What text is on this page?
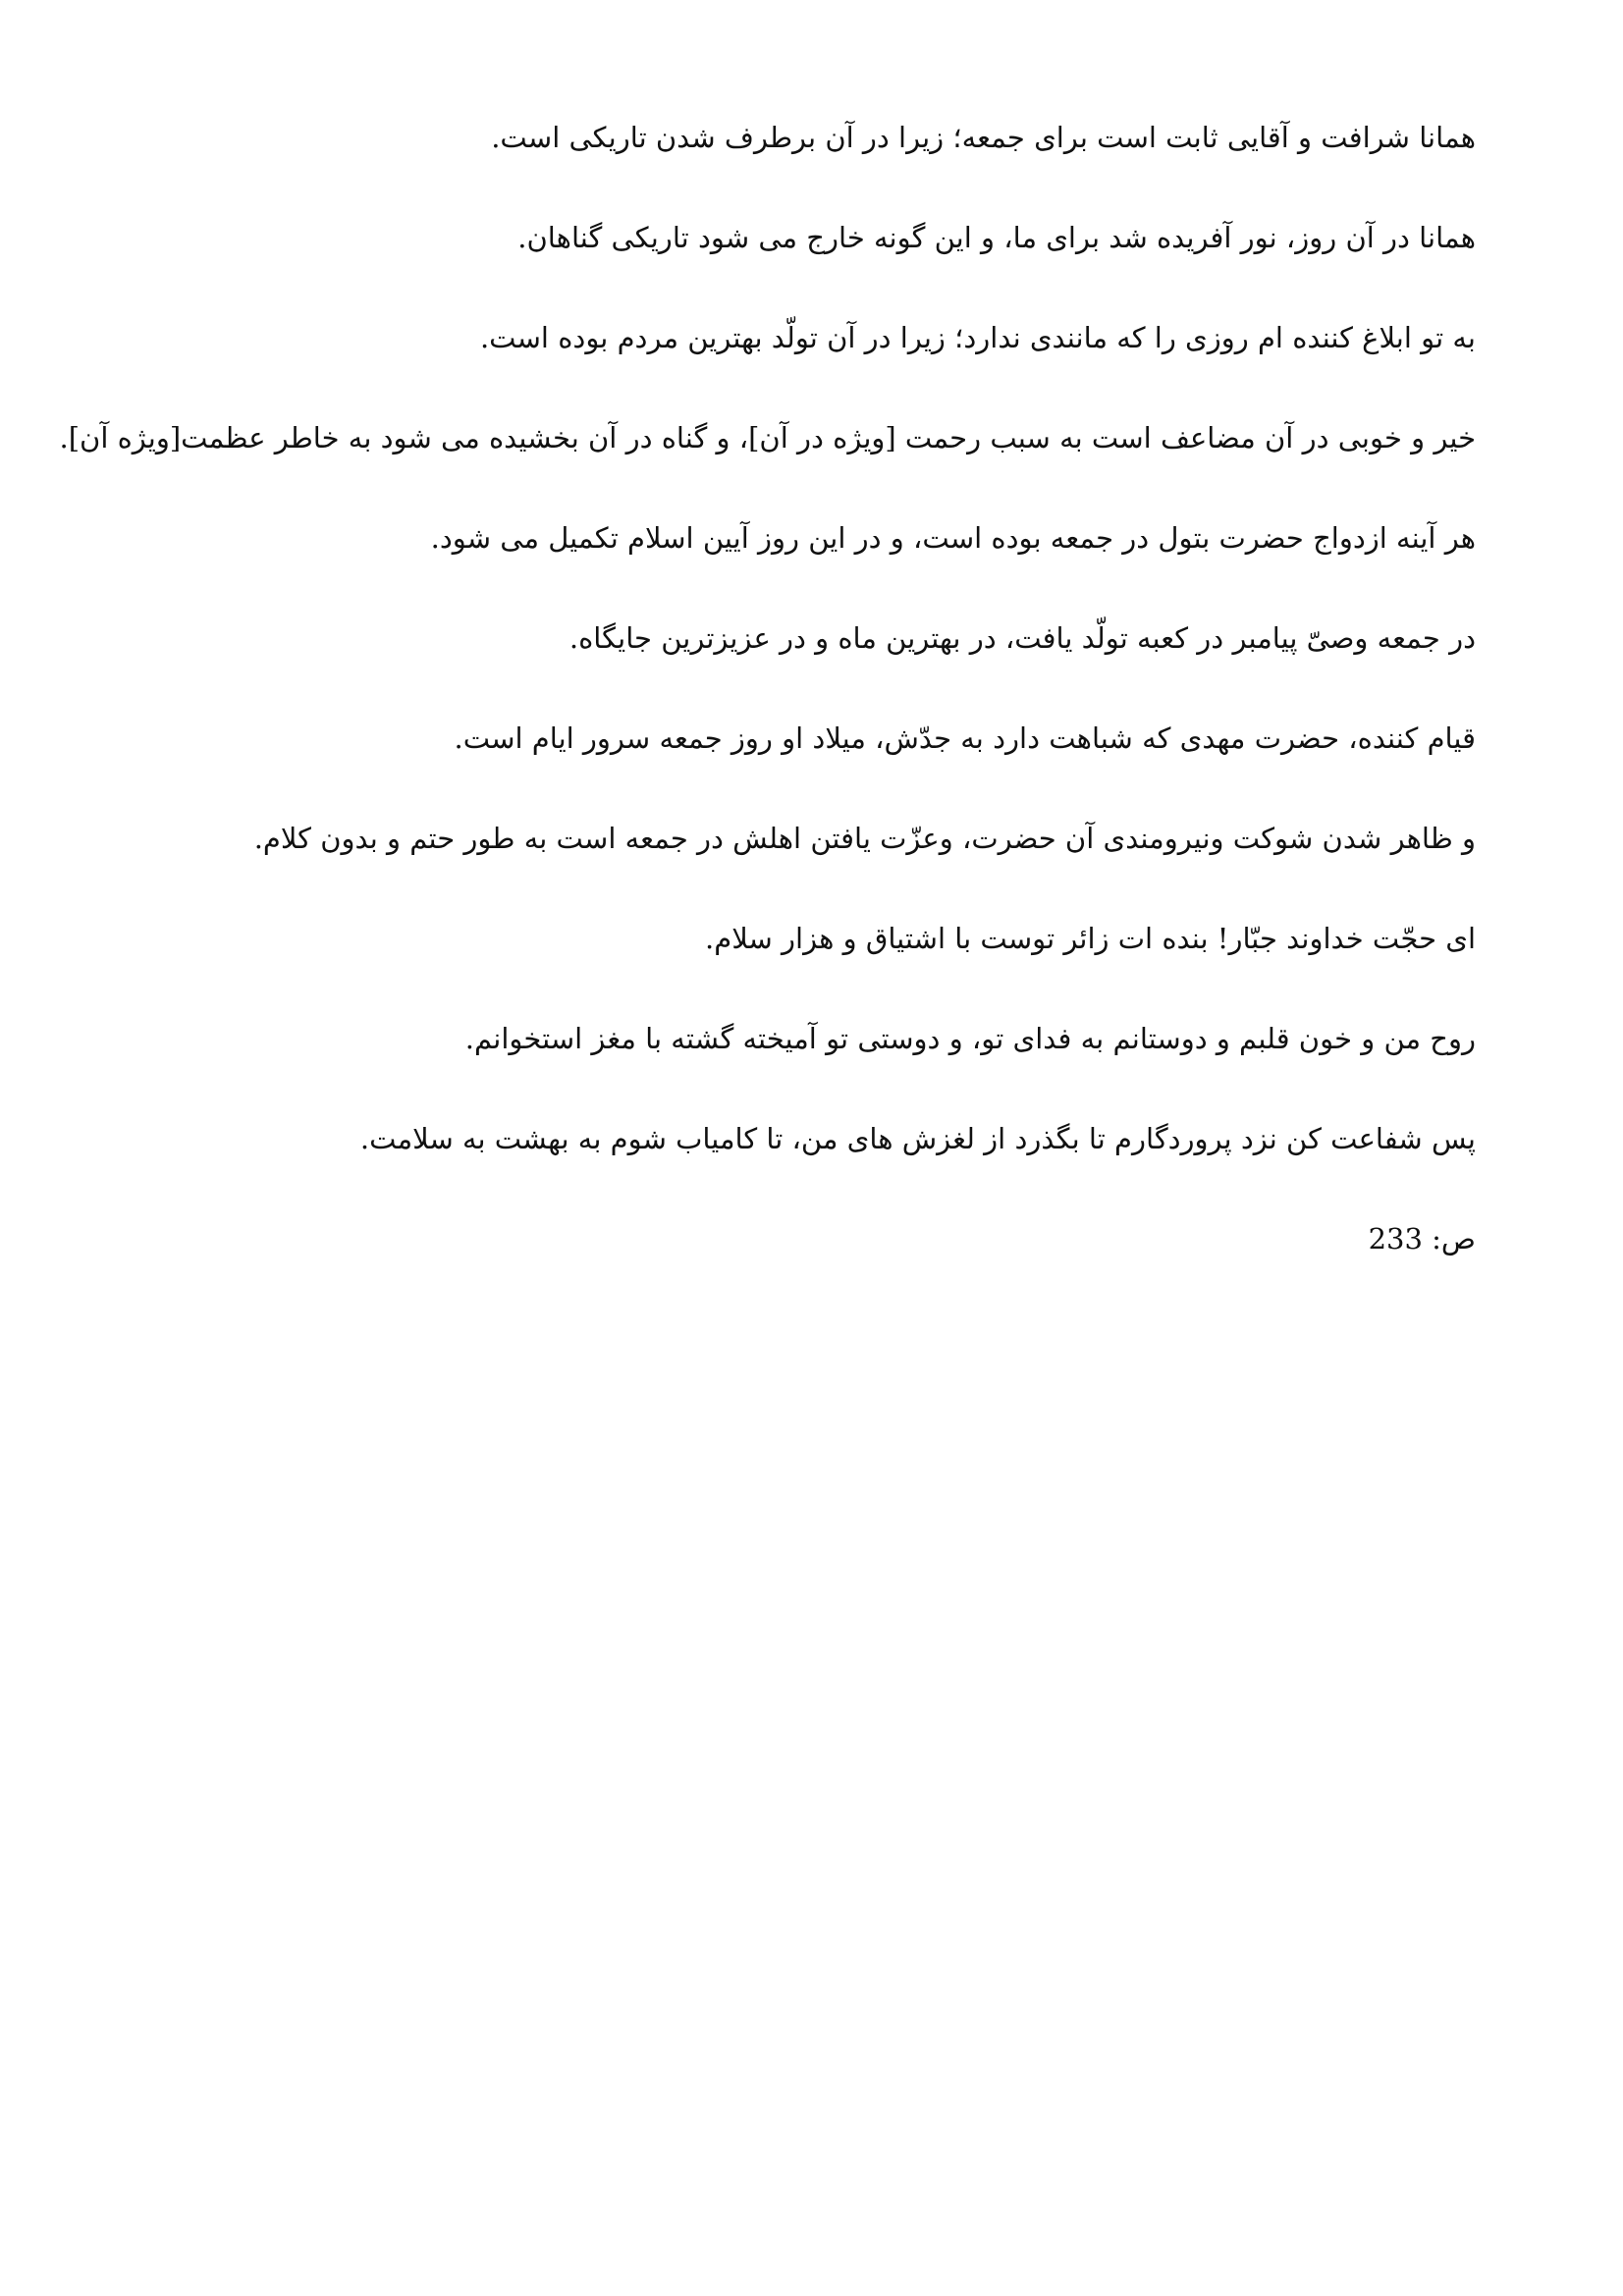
همانا شرافت و آقایی ثابت است برای جمعه؛ زیرا در آن برطرف شدن تاریکی است.
همانا در آن روز، نور آفریده شد برای ما، و این گونه خارج می شود تاریکی گناهان.
به تو ابلاغ کننده ام روزی را که مانندی ندارد؛ زیرا در آن تولّد بهترین مردم بوده است.
خیر و خوبی در آن مضاعف است به سبب رحمت [ویژه در آن]، و گناه در آن بخشیده می شود به خاطر عظمت[ویژه آن].
هر آینه ازدواج حضرت بتول در جمعه بوده است، و در این روز آیین اسلام تکمیل می شود.
در جمعه وصیّ پیامبر در کعبه تولّد یافت، در بهترین ماه و در عزیزترین جایگاه.
قیام کننده، حضرت مهدی که شباهت دارد به جدّش، میلاد او روز جمعه سرور ایام است.
و ظاهر شدن شوکت ونیرومندی آن حضرت، وعزّت یافتن اهلش در جمعه است به طور حتم و بدون کلام.
ای حجّت خداوند جبّار! بنده ات زائر توست با اشتیاق و هزار سلام.
روح من و خون قلبم و دوستانم به فدای تو، و دوستی تو آمیخته گشته با مغز استخوانم.
پس شفاعت کن نزد پروردگارم تا بگذرد از لغزش های من، تا کامیاب شوم به بهشت به سلامت.
ص: 233
